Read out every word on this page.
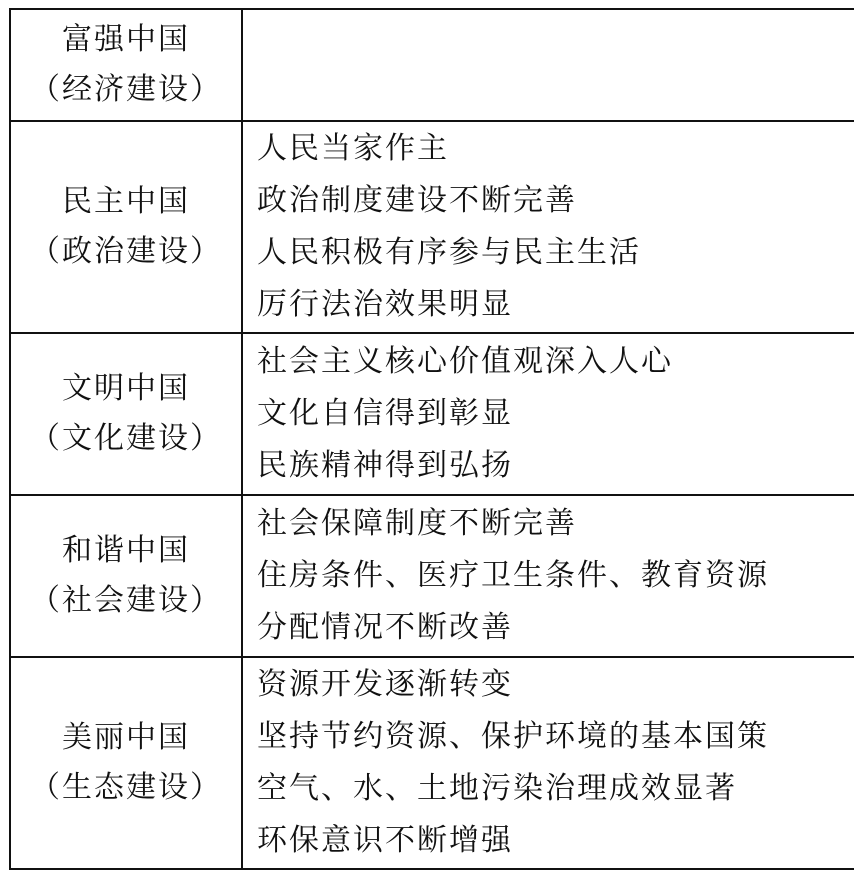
富强中国
（经济建设）	

民主中国
（政治建设）	人民当家作主
政治制度建设不断完善
人民积极有序参与民主生活
厉行法治效果明显

文明中国
（文化建设）	社会主义核心价值观深入人心
文化自信得到彰显
民族精神得到弘扬

和谐中国
（社会建设）	社会保障制度不断完善
住房条件、医疗卫生条件、教育资源
分配情况不断改善

美丽中国
（生态建设）	资源开发逐渐转变
坚持节约资源、保护环境的基本国策
空气、水、土地污染治理成效显著
环保意识不断增强
